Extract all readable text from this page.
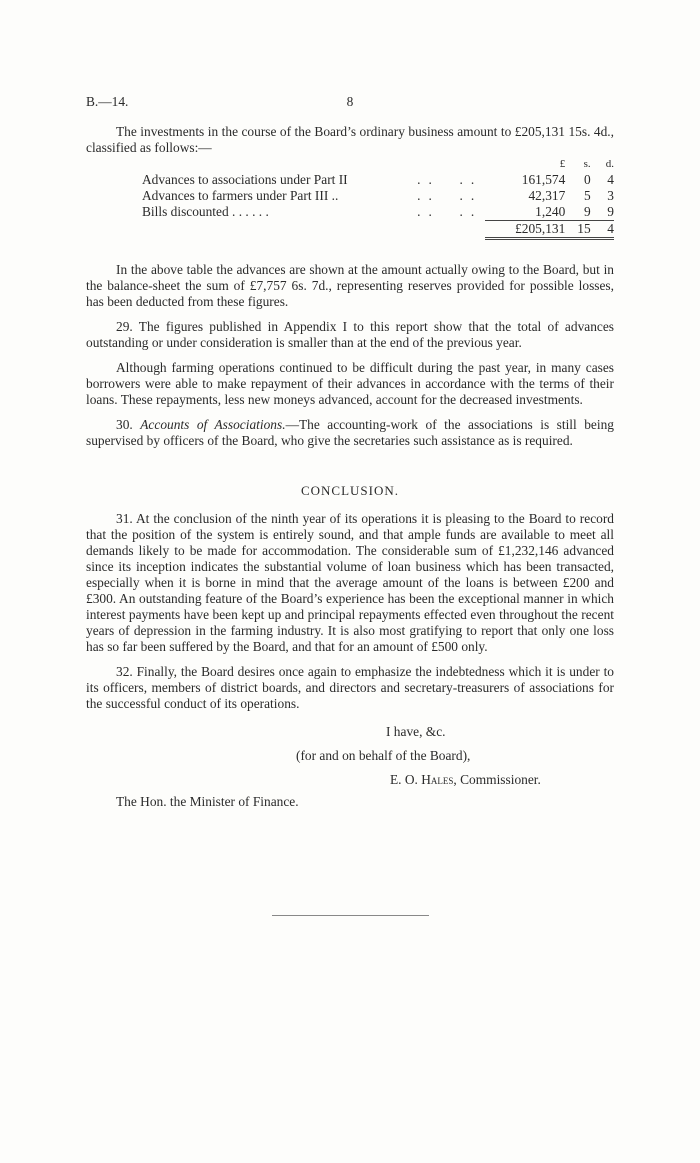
B.—14.	8

The investments in the course of the Board’s ordinary business amount to £205,131 15s. 4d., classified as follows:—

			£	s.	d.
Advances to associations under Part II	..	..	161,574	0	4
Advances to farmers under Part III ..	..	..	42,317	5	3
Bills discounted . . . . . .	..	..	1,240	9	9
			£205,131	15	4

In the above table the advances are shown at the amount actually owing to the Board, but in the balance-sheet the sum of £7,757 6s. 7d., representing reserves provided for possible losses, has been deducted from these figures.

29. The figures published in Appendix I to this report show that the total of advances outstanding or under consideration is smaller than at the end of the previous year.

Although farming operations continued to be difficult during the past year, in many cases borrowers were able to make repayment of their advances in accordance with the terms of their loans. These repayments, less new moneys advanced, account for the decreased investments.

30. Accounts of Associations.—The accounting-work of the associations is still being supervised by officers of the Board, who give the secretaries such assistance as is required.

CONCLUSION.

31. At the conclusion of the ninth year of its operations it is pleasing to the Board to record that the position of the system is entirely sound, and that ample funds are available to meet all demands likely to be made for accommodation. The considerable sum of £1,232,146 advanced since its inception indicates the substantial volume of loan business which has been transacted, especially when it is borne in mind that the average amount of the loans is between £200 and £300. An outstanding feature of the Board’s experience has been the exceptional manner in which interest payments have been kept up and principal repayments effected even throughout the recent years of depression in the farming industry. It is also most gratifying to report that only one loss has so far been suffered by the Board, and that for an amount of £500 only.

32. Finally, the Board desires once again to emphasize the indebtedness which it is under to its officers, members of district boards, and directors and secretary-treasurers of associations for the successful conduct of its operations.

I have, &c.
(for and on behalf of the Board),
E. O. Hales, Commissioner.
The Hon. the Minister of Finance.
